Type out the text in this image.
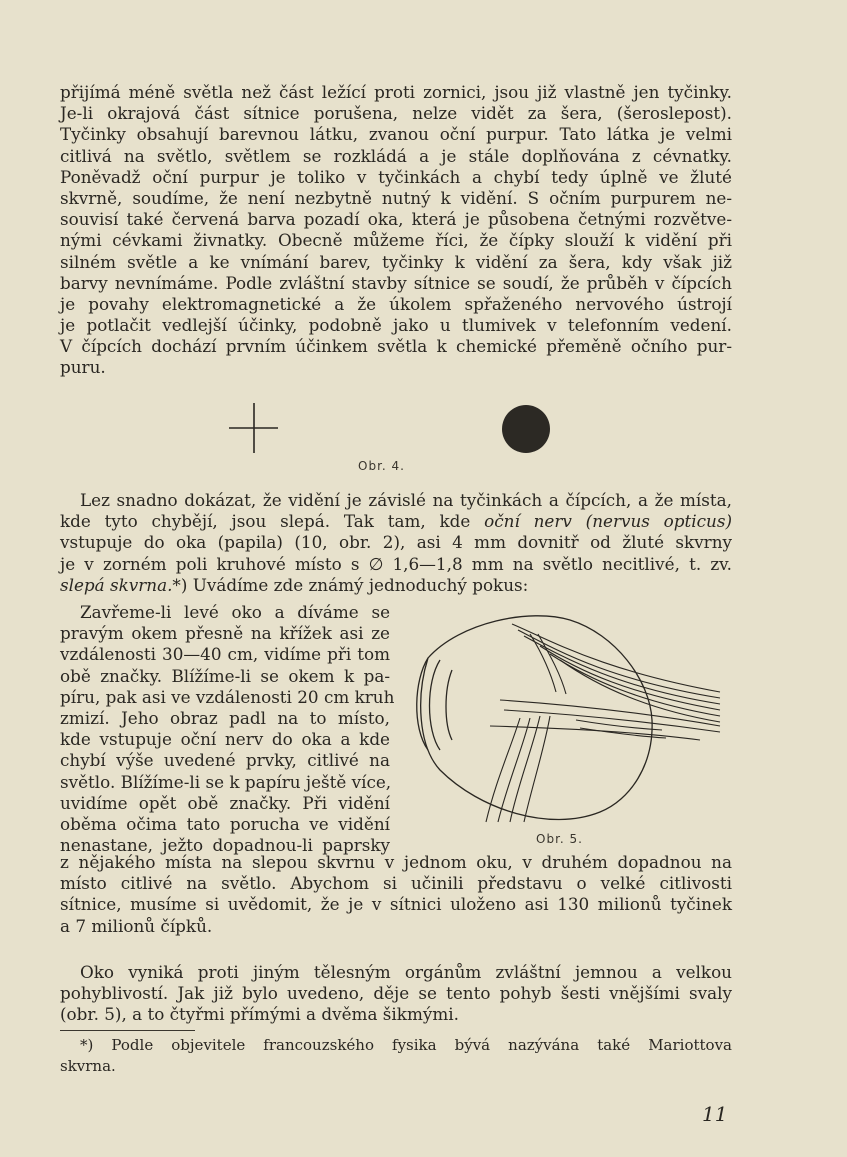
přijímá méně světla než část ležící proti zornici, jsou již vlastně jen tyčinky.
Je-li okrajová část sítnice porušena, nelze vidět za šera, (šeroslepost).
Tyčinky obsahují barevnou látku, zvanou oční purpur. Tato látka je velmi
citlivá na světlo, světlem se rozkládá a je stále doplňována z cévnatky.
Poněvadž oční purpur je toliko v tyčinkách a chybí tedy úplně ve žluté
skvrně, soudíme, že není nezbytně nutný k vidění. S očním purpurem ne-
souvisí také červená barva pozadí oka, která je působena četnými rozvětve-
nými cévkami živnatky. Obecně můžeme říci, že čípky slouží k vidění při
silném světle a ke vnímání barev, tyčinky k vidění za šera, kdy však již
barvy nevnímáme. Podle zvláštní stavby sítnice se soudí, že průběh v čípcích
je povahy elektromagnetické a že úkolem spřaženého nervového ústrojí
je potlačit vedlejší účinky, podobně jako u tlumivek v telefonním vedení.
V čípcích dochází prvním účinkem světla k chemické přeměně očního pur-
puru.
Obr. 4.
Lez snadno dokázat, že vidění je závislé na tyčinkách a čípcích, a že místa,
kde tyto chybějí, jsou slepá. Tak tam, kde oční nerv (nervus opticus)
vstupuje do oka (papila) (10, obr. 2), asi 4 mm dovnitř od žluté skvrny
je v zorném poli kruhové místo s ∅ 1,6—1,8 mm na světlo necitlivé, t. zv.
slepá skvrna.*) Uvádíme zde známý jednoduchý pokus:
Zavřeme-li levé oko a díváme se
pravým okem přesně na křížek asi ze
vzdálenosti 30—40 cm, vidíme při tom
obě značky. Blížíme-li se okem k pa-
píru, pak asi ve vzdálenosti 20 cm kruh
zmizí. Jeho obraz padl na to místo,
kde vstupuje oční nerv do oka a kde
chybí výše uvedené prvky, citlivé na
světlo. Blížíme-li se k papíru ještě více,
uvidíme opět obě značky. Při vidění
oběma očima tato porucha ve vidění
nenastane, ježto dopadnou-li paprsky	Obr. 5.
z nějakého místa na slepou skvrnu v jednom oku, v druhém dopadnou na
místo citlivé na světlo. Abychom si učinili představu o velké citlivosti
sítnice, musíme si uvědomit, že je v sítnici uloženo asi 130 milionů tyčinek
a 7 milionů čípků.
Oko vyniká proti jiným tělesným orgánům zvláštní jemnou a velkou
pohyblivostí. Jak již bylo uvedeno, děje se tento pohyb šesti vnějšími svaly
(obr. 5), a to čtyřmi přímými a dvěma šikmými.
*) Podle objevitele francouzského fysika bývá nazývána také Mariottova
skvrna.
11
